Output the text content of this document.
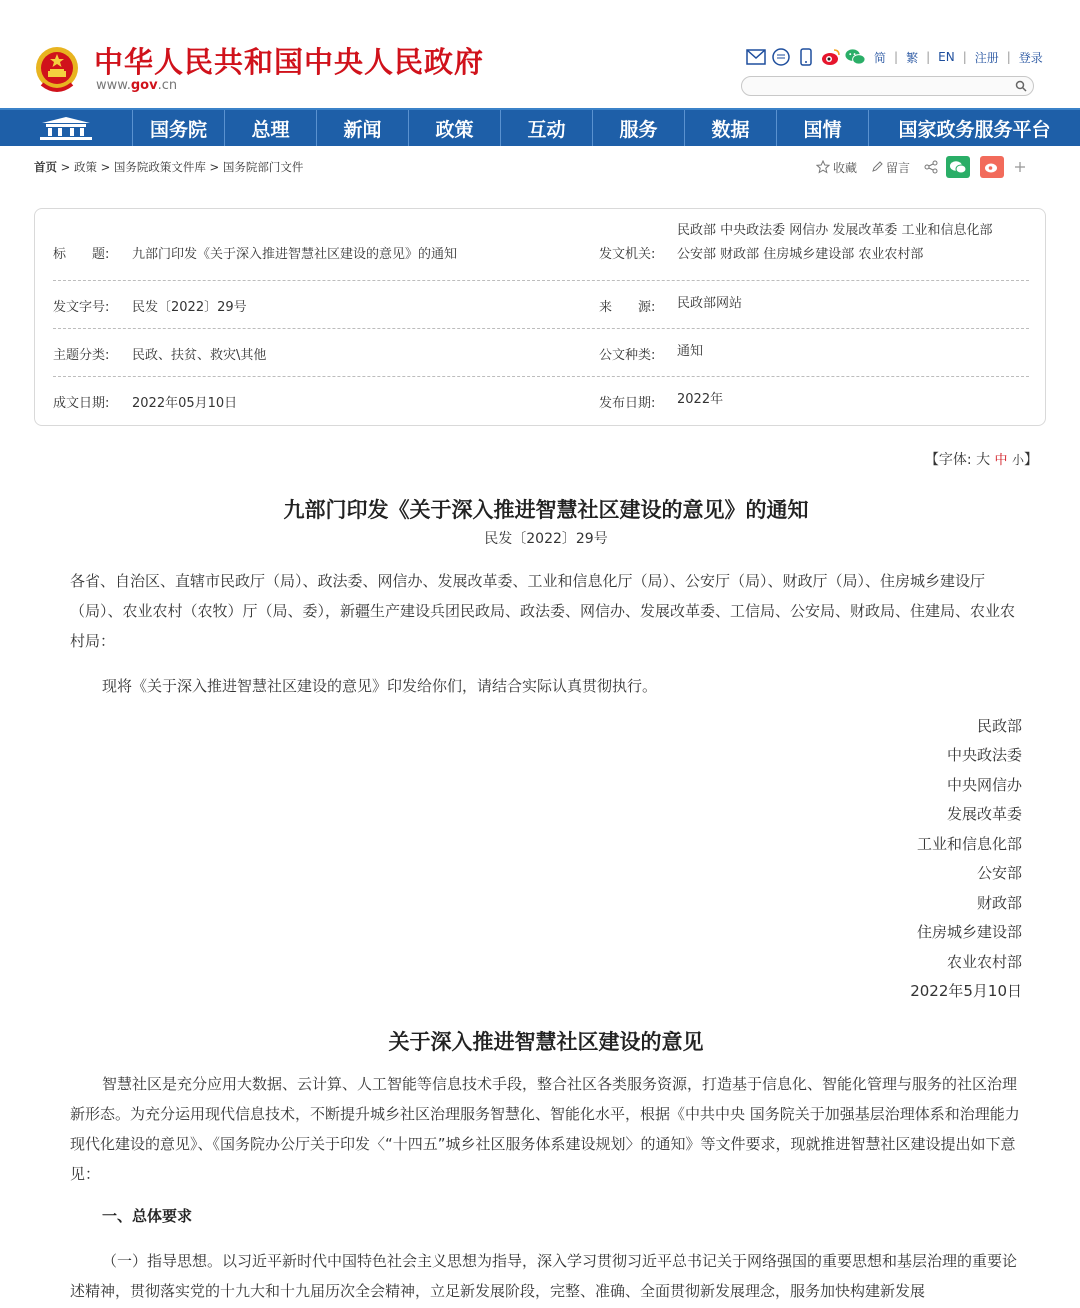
中华人民共和国中央人民政府
www.gov.cn
简 | 繁 | EN | 注册 | 登录
国务院	总理	新闻	政策	互动	服务	数据	国情	国家政务服务平台
首页 > 政策 > 国务院政策文件库 > 国务院部门文件	收藏 留言
标　　题: 九部门印发《关于深入推进智慧社区建设的意见》的通知	发文机关:
民政部 中央政法委 网信办 发展改革委 工业和信息化部
公安部 财政部 住房城乡建设部 农业农村部
发文字号: 民发〔2022〕29号	来　　源: 民政部网站
主题分类: 民政、扶贫、救灾\其他	公文种类: 通知
成文日期: 2022年05月10日	发布日期: 2022年
【字体: 大 中 小】
九部门印发《关于深入推进智慧社区建设的意见》的通知
民发〔2022〕29号
各省、自治区、直辖市民政厅（局）、政法委、网信办、发展改革委、工业和信息化厅（局）、公安厅（局）、财政厅（局）、住房城乡建设厅（局）、农业农村（农牧）厅（局、委），新疆生产建设兵团民政局、政法委、网信办、发展改革委、工信局、公安局、财政局、住建局、农业农村局：
现将《关于深入推进智慧社区建设的意见》印发给你们，请结合实际认真贯彻执行。
民政部
中央政法委
中央网信办
发展改革委
工业和信息化部
公安部
财政部
住房城乡建设部
农业农村部
2022年5月10日
关于深入推进智慧社区建设的意见
智慧社区是充分应用大数据、云计算、人工智能等信息技术手段，整合社区各类服务资源，打造基于信息化、智能化管理与服务的社区治理新形态。为充分运用现代信息技术，不断提升城乡社区治理服务智慧化、智能化水平，根据《中共中央 国务院关于加强基层治理体系和治理能力现代化建设的意见》、《国务院办公厅关于印发〈“十四五”城乡社区服务体系建设规划〉的通知》等文件要求，现就推进智慧社区建设提出如下意见：
一、总体要求
（一）指导思想。以习近平新时代中国特色社会主义思想为指导，深入学习贯彻习近平总书记关于网络强国的重要思想和基层治理的重要论述精神，贯彻落实党的十九大和十九届历次全会精神，立足新发展阶段，完整、准确、全面贯彻新发展理念，服务加快构建新发展
